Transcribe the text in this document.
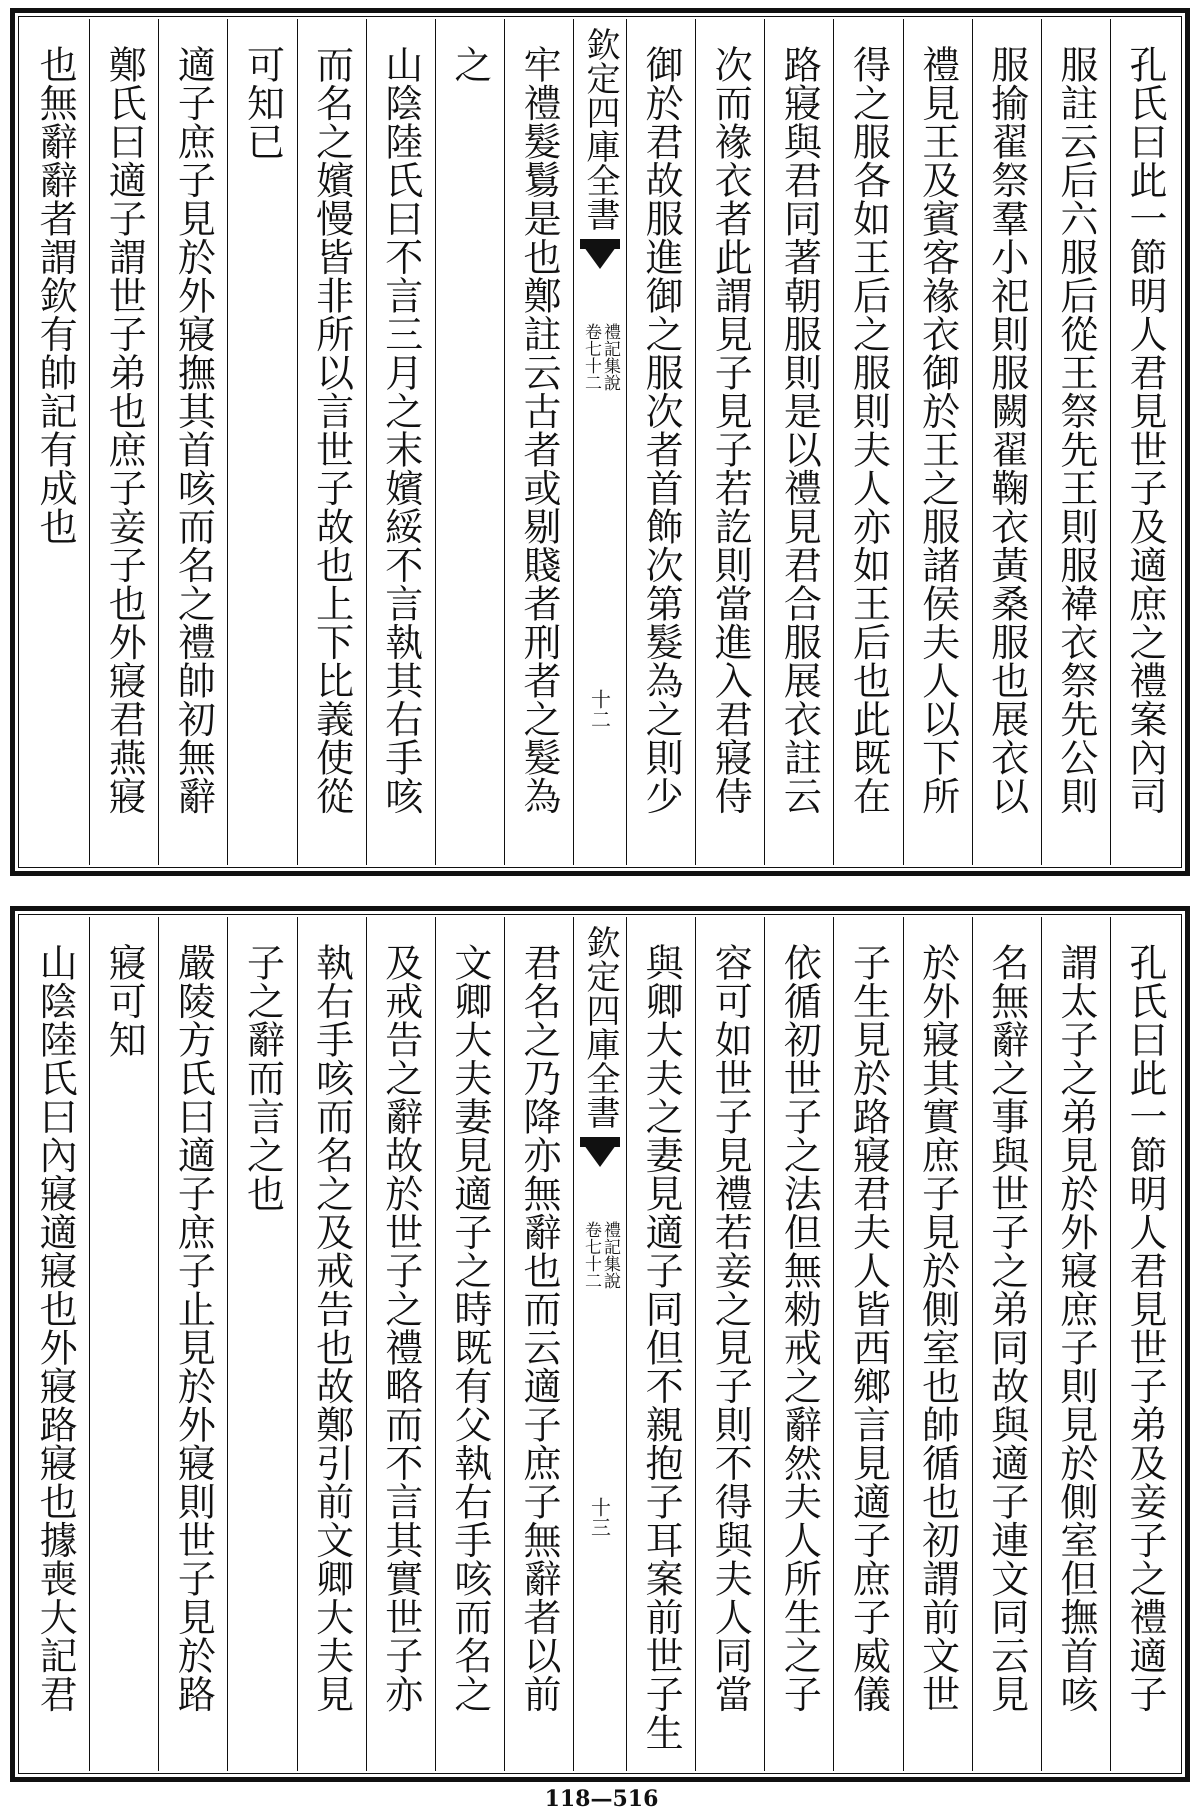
孔氏曰此一節明人君見世子及適庶之禮案內司
服註云后六服后從王祭先王則服褘衣祭先公則
服揄翟祭羣小祀則服闕翟鞠衣黃桑服也展衣以
禮見王及賓客褖衣御於王之服諸侯夫人以下所
得之服各如王后之服則夫人亦如王后也此既在
路寢與君同著朝服則是以禮見君合服展衣註云
次而褖衣者此謂見子見子若訖則當進入君寢侍
御於君故服進御之服次者首飾次第髮為之則少
欽定四庫全書
禮記集說
卷七十二
十二
牢禮髮鬄是也鄭註云古者或剔賤者刑者之髮為
之
山陰陸氏曰不言三月之末嬪綏不言執其右手咳
而名之嬪慢皆非所以言世子故也上下比義使從
可知已
適子庶子見於外寢撫其首咳而名之禮帥初無辭
鄭氏曰適子謂世子弟也庶子妾子也外寢君燕寢
也無辭辭者謂欽有帥記有成也
孔氏曰此一節明人君見世子弟及妾子之禮適子
謂太子之弟見於外寢庶子則見於側室但撫首咳
名無辭之事與世子之弟同故與適子連文同云見
於外寢其實庶子見於側室也帥循也初謂前文世
子生見於路寢君夫人皆西鄉言見適子庶子威儀
依循初世子之法但無勑戒之辭然夫人所生之子
容可如世子見禮若妾之見子則不得與夫人同當
與卿大夫之妻見適子同但不親抱子耳案前世子生
欽定四庫全書
禮記集說
卷七十二
十三
君名之乃降亦無辭也而云適子庶子無辭者以前
文卿大夫妻見適子之時既有父執右手咳而名之
及戒告之辭故於世子之禮略而不言其實世子亦
執右手咳而名之及戒告也故鄭引前文卿大夫見
子之辭而言之也
嚴陵方氏曰適子庶子止見於外寢則世子見於路
寢可知
山陰陸氏曰內寢適寢也外寢路寢也據喪大記君
118—516
